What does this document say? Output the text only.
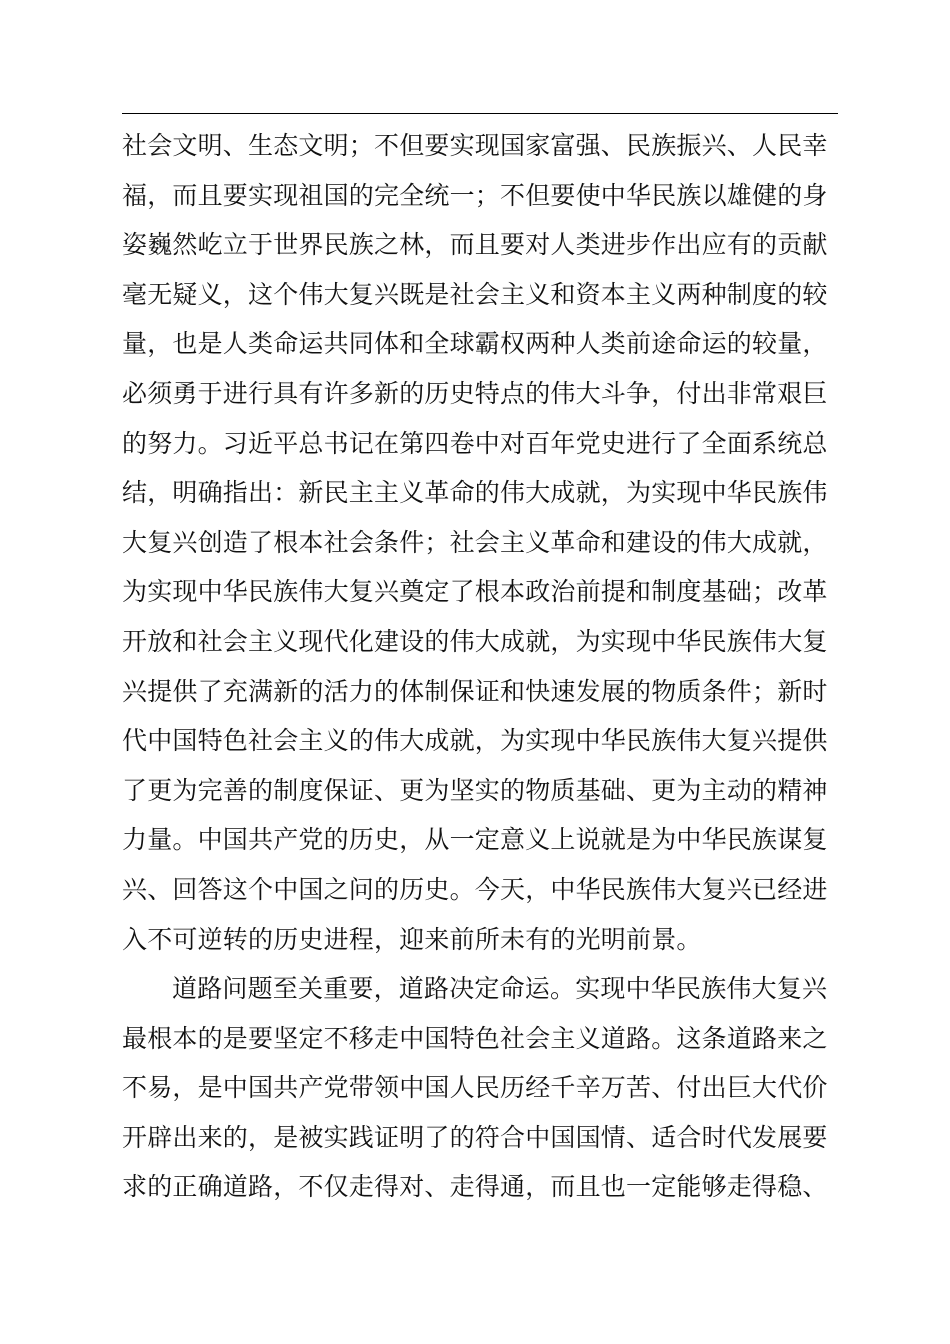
社会文明、生态文明；不但要实现国家富强、民族振兴、人民幸
福，而且要实现祖国的完全统一；不但要使中华民族以雄健的身
姿巍然屹立于世界民族之林，而且要对人类进步作出应有的贡献
毫无疑义，这个伟大复兴既是社会主义和资本主义两种制度的较
量，也是人类命运共同体和全球霸权两种人类前途命运的较量，
必须勇于进行具有许多新的历史特点的伟大斗争，付出非常艰巨
的努力。习近平总书记在第四卷中对百年党史进行了全面系统总
结，明确指出：新民主主义革命的伟大成就，为实现中华民族伟
大复兴创造了根本社会条件；社会主义革命和建设的伟大成就，
为实现中华民族伟大复兴奠定了根本政治前提和制度基础；改革
开放和社会主义现代化建设的伟大成就，为实现中华民族伟大复
兴提供了充满新的活力的体制保证和快速发展的物质条件；新时
代中国特色社会主义的伟大成就，为实现中华民族伟大复兴提供
了更为完善的制度保证、更为坚实的物质基础、更为主动的精神
力量。中国共产党的历史，从一定意义上说就是为中华民族谋复
兴、回答这个中国之问的历史。今天，中华民族伟大复兴已经进
入不可逆转的历史进程，迎来前所未有的光明前景。
道路问题至关重要，道路决定命运。实现中华民族伟大复兴
最根本的是要坚定不移走中国特色社会主义道路。这条道路来之
不易，是中国共产党带领中国人民历经千辛万苦、付出巨大代价
开辟出来的，是被实践证明了的符合中国国情、适合时代发展要
求的正确道路，不仅走得对、走得通，而且也一定能够走得稳、
